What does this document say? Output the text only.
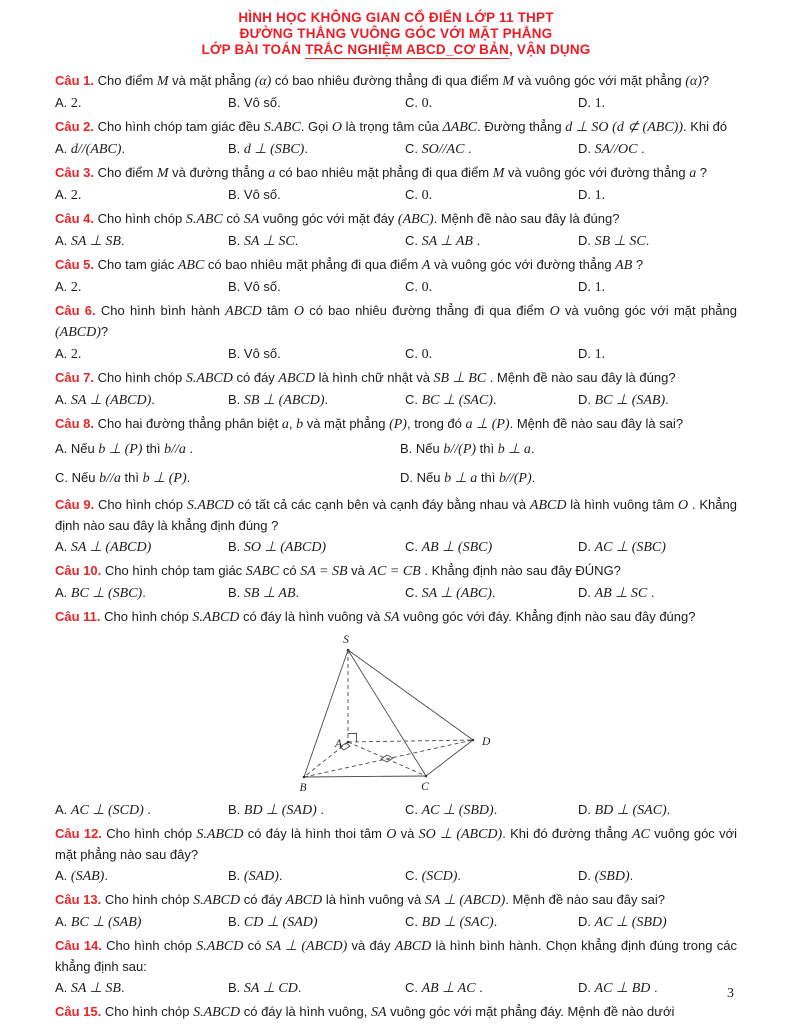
HÌNH HỌC KHÔNG GIAN CỔ ĐIỂN LỚP 11 THPT
ĐƯỜNG THẲNG VUÔNG GÓC VỚI MẶT PHẲNG
LỚP BÀI TOÁN TRẮC NGHIỆM ABCD_CƠ BẢN, VẬN DỤNG

Câu 1. Cho điểm M và mặt phẳng (α) có bao nhiêu đường thẳng đi qua điểm M và vuông góc với mặt phẳng (α)?

A. 2.	B. Vô số.	C. 0.	D. 1.

Câu 2. Cho hình chóp tam giác đều S.ABC. Gọi O là trọng tâm của ΔABC. Đường thẳng d ⊥ SO (d ⊄ (ABC)). Khi đó

A. d//(ABC).	B. d ⊥ (SBC).	C. SO//AC .	D. SA//OC .

Câu 3. Cho điểm M và đường thẳng a có bao nhiêu mặt phẳng đi qua điểm M và vuông góc với đường thẳng a ?

A. 2.	B. Vô số.	C. 0.	D. 1.

Câu 4. Cho hình chóp S.ABC có SA vuông góc với mặt đáy (ABC). Mệnh đề nào sau đây là đúng?

A. SA ⊥ SB.	B. SA ⊥ SC.	C. SA ⊥ AB .	D. SB ⊥ SC.

Câu 5. Cho tam giác ABC có bao nhiêu mặt phẳng đi qua điểm A và vuông góc với đường thẳng AB ?

A. 2.	B. Vô số.	C. 0.	D. 1.

Câu 6. Cho hình bình hành ABCD tâm O có bao nhiêu đường thẳng đi qua điểm O và vuông góc với mặt phẳng (ABCD)?

A. 2.	B. Vô số.	C. 0.	D. 1.

Câu 7. Cho hình chóp S.ABCD có đáy ABCD là hình chữ nhật và SB ⊥ BC . Mệnh đề nào sau đây là đúng?

A. SA ⊥ (ABCD).	B. SB ⊥ (ABCD).	C. BC ⊥ (SAC).	D. BC ⊥ (SAB).

Câu 8. Cho hai đường thẳng phân biệt a, b và mặt phẳng (P), trong đó a ⊥ (P). Mệnh đề nào sau đây là sai?

A. Nếu b ⊥ (P) thì b//a .	B. Nếu b//(P) thì b ⊥ a.
C. Nếu b//a thì b ⊥ (P).	D. Nếu b ⊥ a thì b//(P).

Câu 9. Cho hình chóp S.ABCD có tất cả các cạnh bên và cạnh đáy bằng nhau và ABCD là hình vuông tâm O . Khẳng định nào sau đây là khẳng định đúng ?

A. SA ⊥ (ABCD)	B. SO ⊥ (ABCD)	C. AB ⊥ (SBC)	D. AC ⊥ (SBC)

Câu 10. Cho hình chóp tam giác SABC có SA = SB và AC = CB . Khẳng định nào sau đây ĐÚNG?

A. BC ⊥ (SBC).	B. SB ⊥ AB.	C. SA ⊥ (ABC).	D. AB ⊥ SC .

Câu 11. Cho hình chóp S.ABCD có đáy là hình vuông và SA vuông góc với đáy. Khẳng định nào sau đây đúng?

S
A
B	C
D
A. AC ⊥ (SCD) .	B. BD ⊥ (SAD) .	C. AC ⊥ (SBD).	D. BD ⊥ (SAC).

Câu 12. Cho hình chóp S.ABCD có đáy là hình thoi tâm O và SO ⊥ (ABCD). Khi đó đường thẳng AC vuông góc với mặt phẳng nào sau đây?

A. (SAB).	B. (SAD).	C. (SCD).	D. (SBD).

Câu 13. Cho hình chóp S.ABCD có đáy ABCD là hình vuông và SA ⊥ (ABCD). Mệnh đề nào sau đây sai?

A. BC ⊥ (SAB)	B. CD ⊥ (SAD)	C. BD ⊥ (SAC).	D. AC ⊥ (SBD)

Câu 14. Cho hình chóp S.ABCD có SA ⊥ (ABCD) và đáy ABCD là hình bình hành. Chọn khẳng định đúng trong các khẳng định sau:

A. SA ⊥ SB.	B. SA ⊥ CD.	C. AB ⊥ AC .	D. AC ⊥ BD .

Câu 15. Cho hình chóp S.ABCD có đáy là hình vuông, SA vuông góc với mặt phẳng đáy. Mệnh đề nào dưới

3
